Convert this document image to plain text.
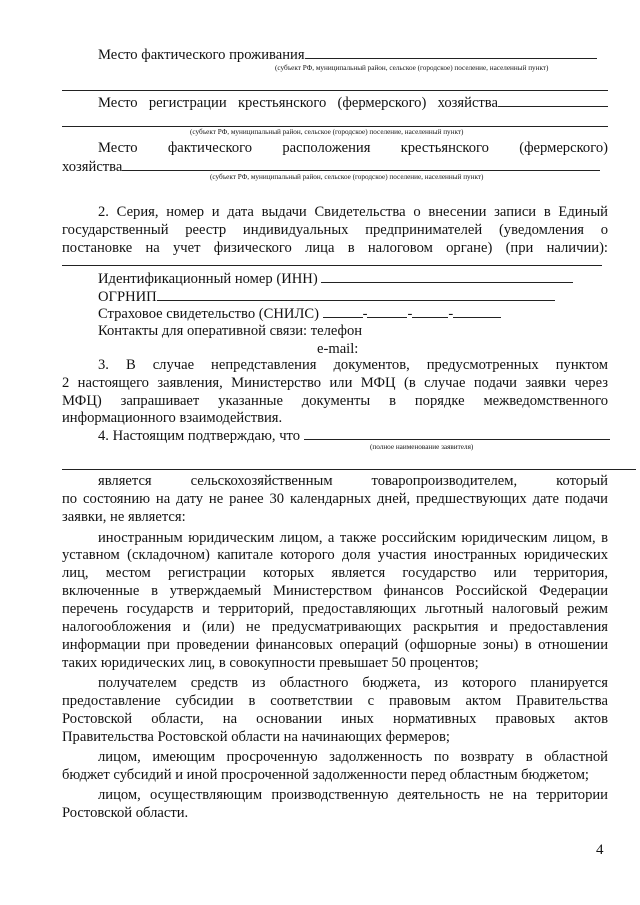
Место фактического проживания
(субъект РФ, муниципальный район, сельское (городское) поселение, населенный пункт)
Место регистрации крестьянского (фермерского) хозяйства
(субъект РФ, муниципальный район, сельское (городское) поселение, населенный пункт)
Место фактического расположения крестьянского (фермерского)
хозяйства
(субъект РФ, муниципальный район, сельское (городское) поселение, населенный пункт)
2. Серия, номер и дата выдачи Свидетельства о внесении записи в Единый
государственный реестр индивидуальных предпринимателей (уведомления о
постановке на учет физического лица в налоговом органе) (при наличии):
Идентификационный номер (ИНН)
ОГРНИП
Страховое свидетельство (СНИЛС)	-	- -
Контакты для оперативной связи: телефон
e-mail:
3. В случае непредставления документов, предусмотренных пунктом
2 настоящего заявления, Министерство или МФЦ (в случае подачи заявки через
МФЦ) запрашивает указанные документы в порядке межведомственного
информационного взаимодействия.
4. Настоящим подтверждаю, что
(полное наименование заявителя)
является сельскохозяйственным товаропроизводителем, который
по состоянию на дату не ранее 30 календарных дней, предшествующих дате подачи
заявки, не является:
иностранным юридическим лицом, а также российским юридическим лицом, в
уставном (складочном) капитале которого доля участия иностранных юридических
лиц, местом регистрации которых является государство или территория,
включенные в утверждаемый Министерством финансов Российской Федерации
перечень государств и территорий, предоставляющих льготный налоговый режим
налогообложения и (или) не предусматривающих раскрытия и предоставления
информации при проведении финансовых операций (офшорные зоны) в отношении
таких юридических лиц, в совокупности превышает 50 процентов;
получателем средств из областного бюджета, из которого планируется
предоставление субсидии в соответствии с правовым актом Правительства
Ростовской области, на основании иных нормативных правовых актов
Правительства Ростовской области на начинающих фермеров;
лицом, имеющим просроченную задолженность по возврату в областной
бюджет субсидий и иной просроченной задолженности перед областным бюджетом;
лицом, осуществляющим производственную деятельность не на территории
Ростовской области.
4
